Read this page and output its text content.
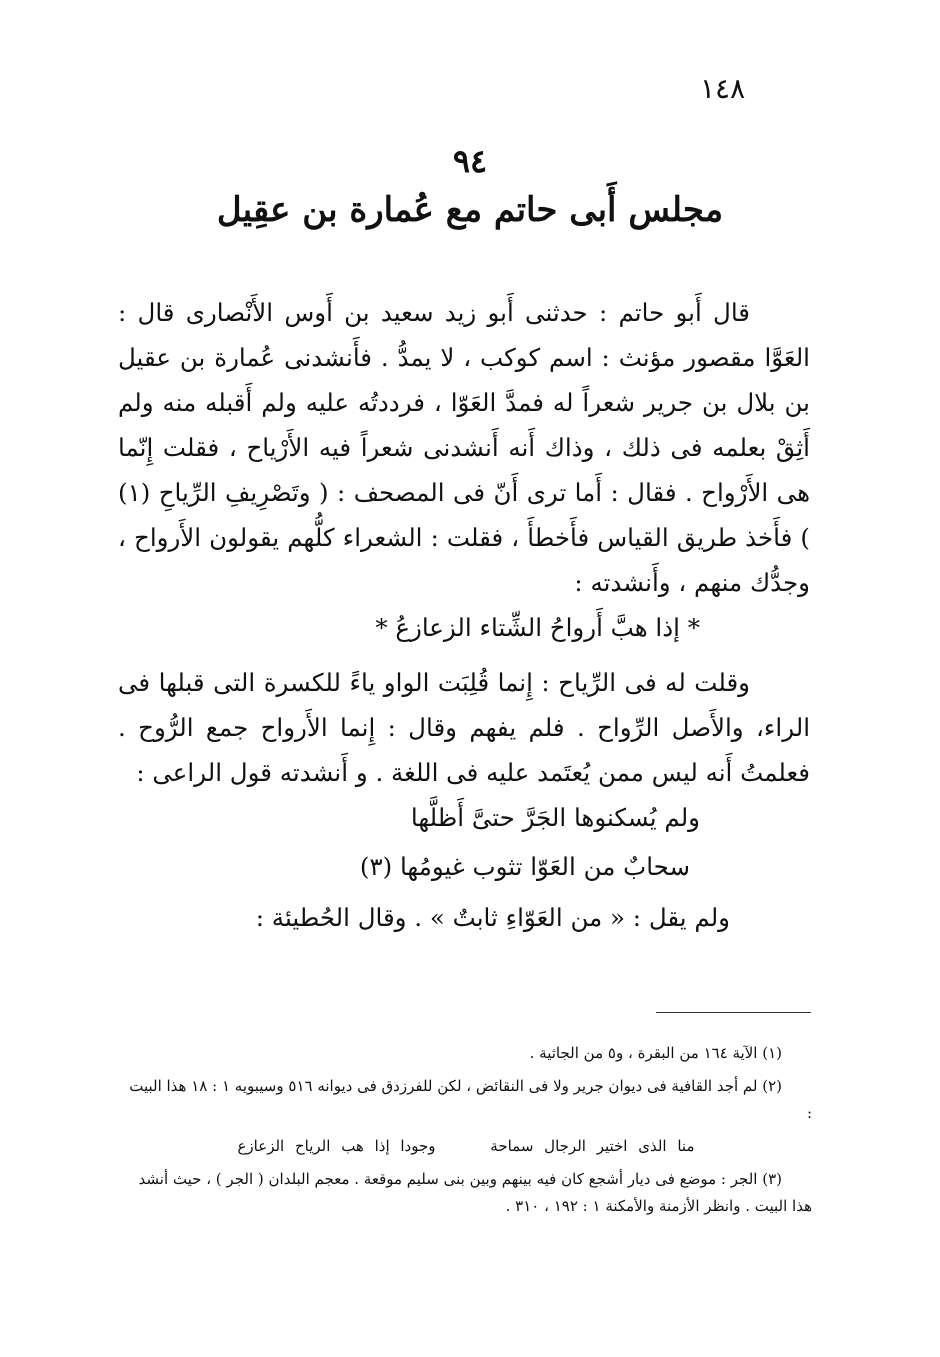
١٤٨
٩٤
مجلس أَبى حاتم مع عُمارة بن عقِيل

قال أَبو حاتم : حدثنى أَبو زيد سعيد بن أَوس الأَنْصارى قال : العَوَّا مقصور مؤنث : اسم كوكب ، لا يمدُّ . فأَنشدنى عُمارة بن عقيل بن بلال بن جرير شعراً له فمدَّ العَوّا ، فرددتُه عليه ولم أَقبله منه ولم أَثِقْ بعلمه فى ذلك ، وذاك أَنه أَنشدنى شعراً فيه الأَرْياح ، فقلت إِنّما هى الأَرْواح . فقال : أَما ترى أَنّ فى المصحف : ( وتَصْرِيفِ الرِّياحِ (١) ) فأَخذ طريق القياس فأَخطأَ ، فقلت : الشعراء كلُّهم يقولون الأَرواح ، وجدُّك منهم ، وأَنشدته :

* إذا هبَّ أَرواحُ الشِّتاء الزعازعُ *

وقلت له فى الرِّياح : إِنما قُلِبَت الواو ياءً للكسرة التى قبلها فى الراء، والأَصل الرِّواح . فلم يفهم وقال : إِنما الأَرواح جمع الرُّوح . فعلمتُ أَنه ليس ممن يُعتَمد عليه فى اللغة . و أَنشدته قول الراعى :

ولم يُسكنوها الجَرَّ حتىَّ أَظلَّها

سحابٌ من العَوّا تثوب غيومُها (٣)

ولم يقل : « من العَوّاءِ ثابتٌ » . وقال الحُطيئة :

(١) الآية ١٦٤ من البقرة ، و٥ من الجاثية .

(٢) لم أجد القافية فى ديوان جرير ولا فى النقائض ، لكن للفرزدق فى ديوانه ٥١٦ وسيبويه ١ : ١٨ هذا البيت :

منا الذى اختير الرجال سماحة وجودا إذا هب الرياح الزعازع

(٣) الجر : موضع فى ديار أشجع كان فيه بينهم وبين بنى سليم موقعة . معجم البلدان ( الجر ) ، حيث أنشد هذا البيت . وانظر الأزمنة والأمكنة ١ : ١٩٢ ، ٣١٠ .
